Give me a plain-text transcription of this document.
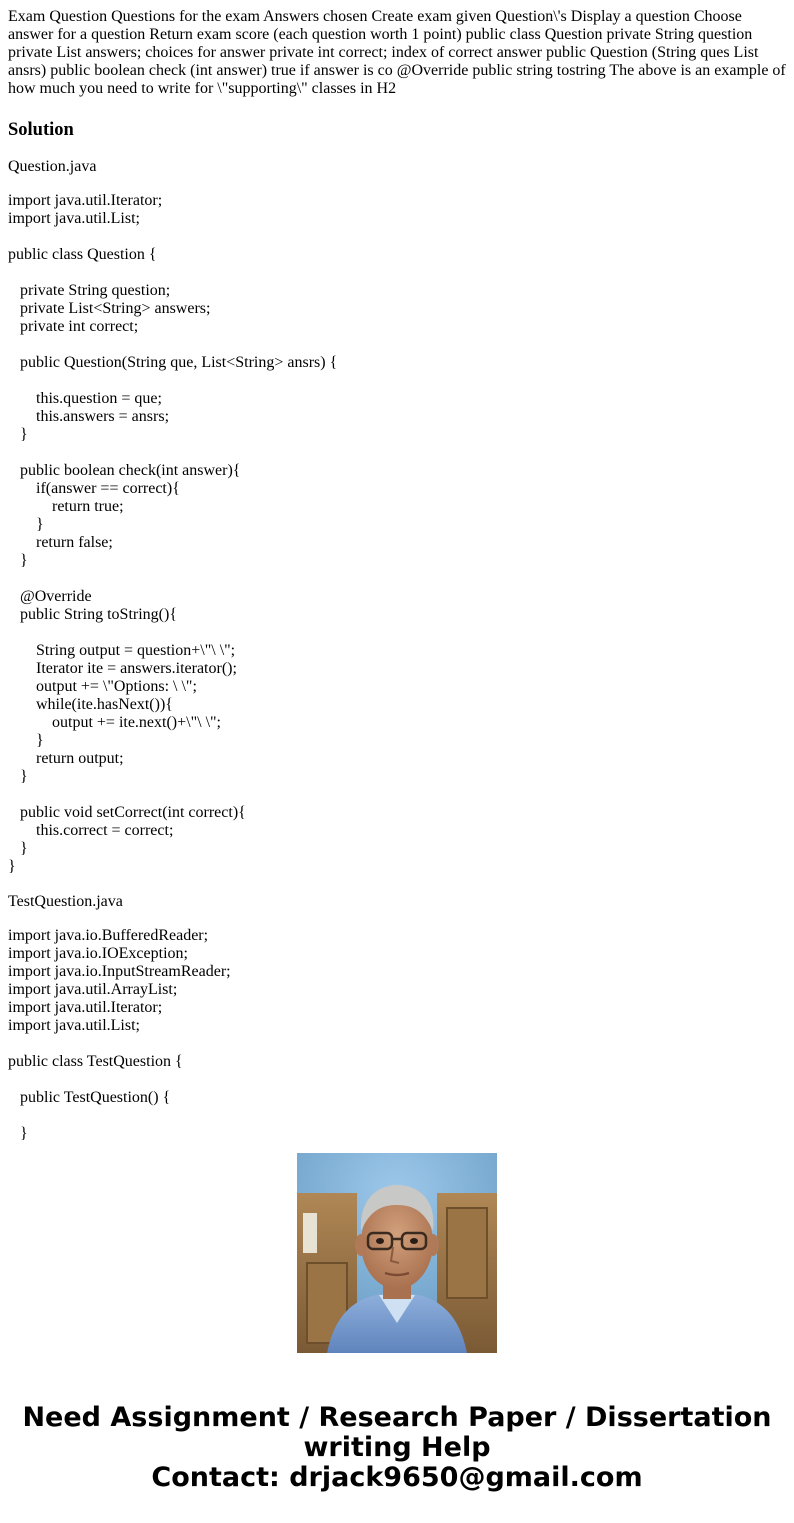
Exam Question Questions for the exam Answers chosen Create exam given Question\'s Display a question Choose answer for a question Return exam score (each question worth 1 point) public class Question private String question private List answers; choices for answer private int correct; index of correct answer public Question (String ques List ansrs) public boolean check (int answer) true if answer is co @Override public string tostring The above is an example of how much you need to write for \"supporting\" classes in H2

Solution
Question.java
import java.util.Iterator;
import java.util.List;
public class Question {
private String question;
private List<String> answers;
private int correct;
public Question(String que, List<String> ansrs) {
this.question = que;
this.answers = ansrs;
}
public boolean check(int answer){
if(answer == correct){
return true;
}
return false;
}
@Override
public String toString(){
String output = question+\"\ \";
Iterator ite = answers.iterator();
output += \"Options: \ \";
while(ite.hasNext()){
output += ite.next()+\"\ \";
}
return output;
}
public void setCorrect(int correct){
this.correct = correct;
}
}
TestQuestion.java
import java.io.BufferedReader;
import java.io.IOException;
import java.io.InputStreamReader;
import java.util.ArrayList;
import java.util.Iterator;
import java.util.List;
public class TestQuestion {
public TestQuestion() {
}
Need Assignment / Research Paper / Dissertation
writing Help
Contact: drjack9650@gmail.com
